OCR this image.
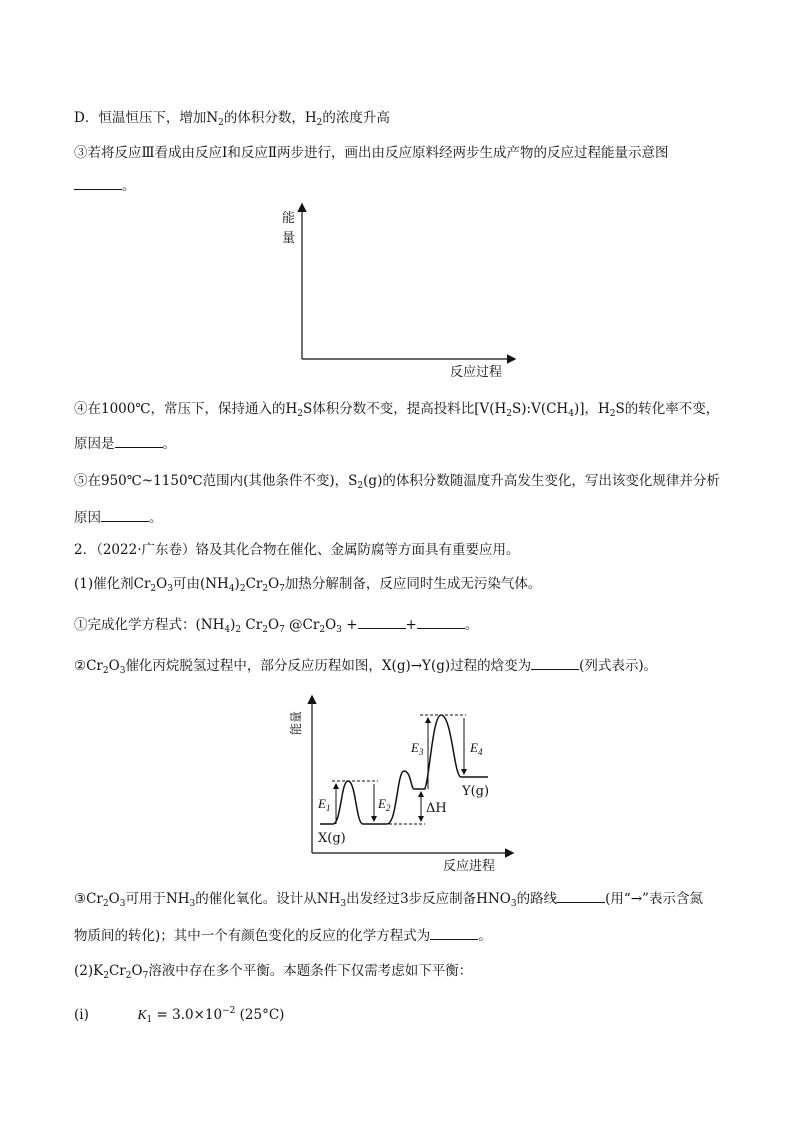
D．恒温恒压下，增加$N_2$的体积分数，$H_2$的浓度升高
③若将反应Ⅲ看成由反应Ⅰ和反应Ⅱ两步进行，画出由反应原料经两步生成产物的反应过程能量示意图
。
能
量
反应过程
④在1000℃，常压下，保持通入的$H_2S$体积分数不变，提高投料比$[V(H_2S):V(CH_4)]$，$H_2S$的转化率不变，
原因是	。
⑤在950℃~1150℃范围内(其他条件不变)，$S_2(g)$的体积分数随温度升高发生变化，写出该变化规律并分析
原因	。
2．（2022·广东卷）铬及其化合物在催化、金属防腐等方面具有重要应用。
(1)催化剂$Cr_2O_3$可由$(NH_4)_2Cr_2O_7$加热分解制备，反应同时生成无污染气体。
①完成化学方程式：$(NH_4)_2$ $Cr_2O_7$ $@Cr_2O_3$ +	+	。
$②Cr_2O_3$催化丙烷脱氢过程中，部分反应历程如图，X(g)→Y(g)过程的焓变为	(列式表示)。
能量
反应进程
$E_1$	$E_2$
$E_3$	$E_4$
ΔH
X(g)
Y(g)
$③Cr_2O_3$可用于$NH_3$的催化氧化。设计从$NH_3$出发经过3步反应制备$HNO_3$的路线	(用“→”表示含氮
物质间的转化)；其中一个有颜色变化的反应的化学方程式为	。
$(2)K_2Cr_2O_7$溶液中存在多个平衡。本题条件下仅需考虑如下平衡：
(ⅰ)	$K_1 = 3.0\times 10^{-2}$ (25°C)
